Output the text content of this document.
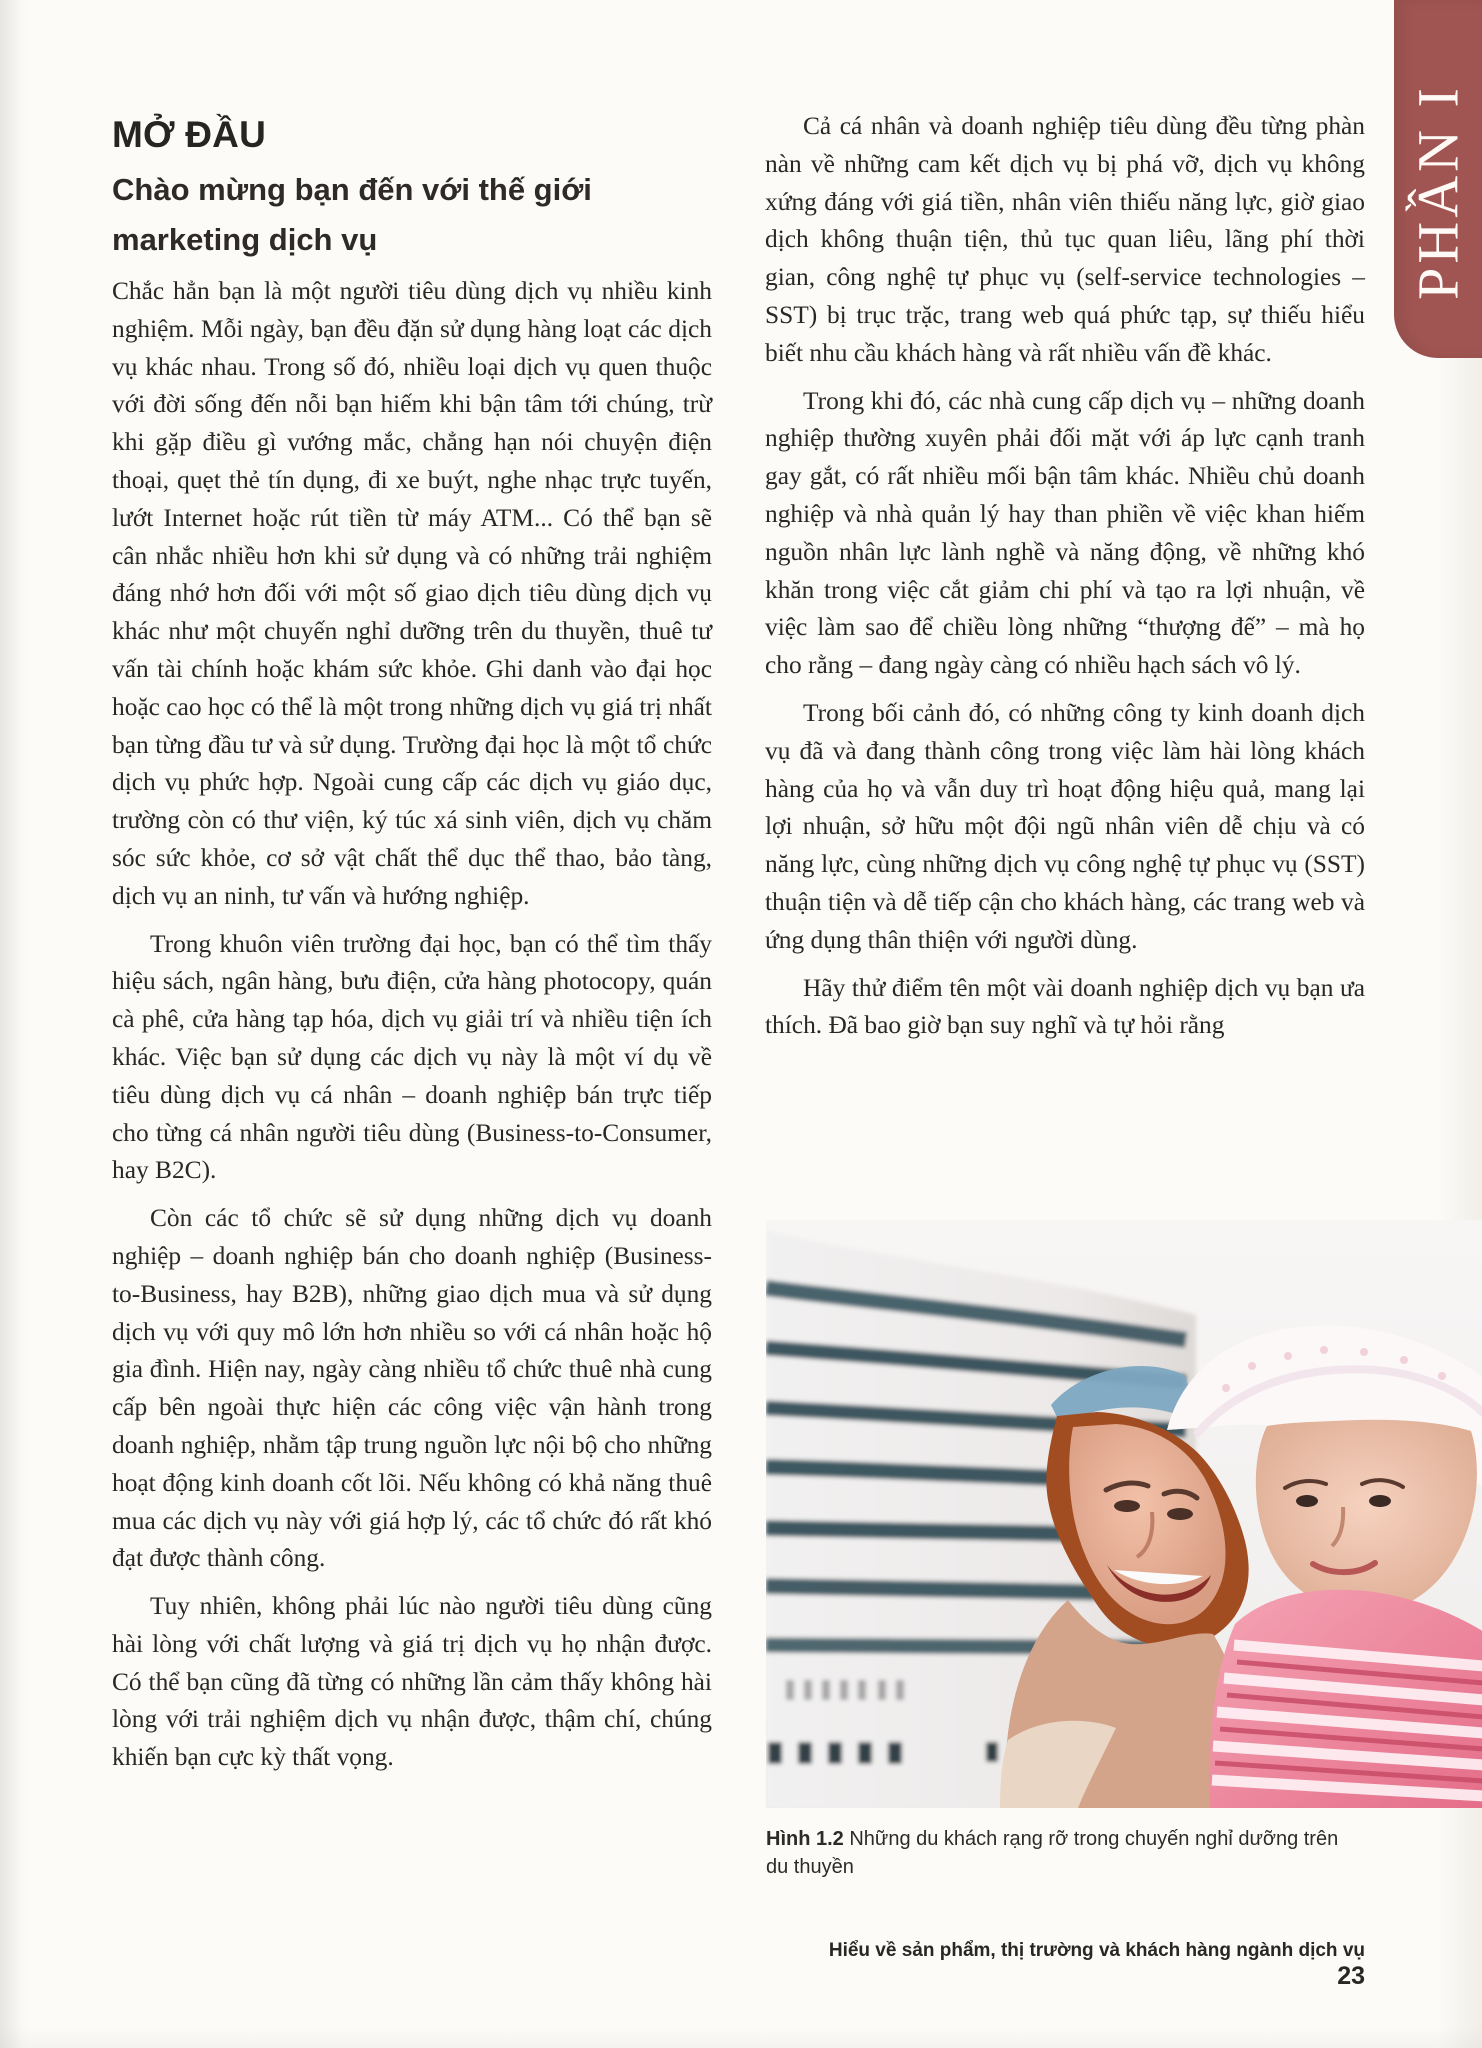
PHẦN I
MỞ ĐẦU
Chào mừng bạn đến với thế giới marketing dịch vụ

Chắc hẳn bạn là một người tiêu dùng dịch vụ nhiều kinh nghiệm. Mỗi ngày, bạn đều đặn sử dụng hàng loạt các dịch vụ khác nhau. Trong số đó, nhiều loại dịch vụ quen thuộc với đời sống đến nỗi bạn hiếm khi bận tâm tới chúng, trừ khi gặp điều gì vướng mắc, chẳng hạn nói chuyện điện thoại, quẹt thẻ tín dụng, đi xe buýt, nghe nhạc trực tuyến, lướt Internet hoặc rút tiền từ máy ATM... Có thể bạn sẽ cân nhắc nhiều hơn khi sử dụng và có những trải nghiệm đáng nhớ hơn đối với một số giao dịch tiêu dùng dịch vụ khác như một chuyến nghỉ dưỡng trên du thuyền, thuê tư vấn tài chính hoặc khám sức khỏe. Ghi danh vào đại học hoặc cao học có thể là một trong những dịch vụ giá trị nhất bạn từng đầu tư và sử dụng. Trường đại học là một tổ chức dịch vụ phức hợp. Ngoài cung cấp các dịch vụ giáo dục, trường còn có thư viện, ký túc xá sinh viên, dịch vụ chăm sóc sức khỏe, cơ sở vật chất thể dục thể thao, bảo tàng, dịch vụ an ninh, tư vấn và hướng nghiệp.

Trong khuôn viên trường đại học, bạn có thể tìm thấy hiệu sách, ngân hàng, bưu điện, cửa hàng photocopy, quán cà phê, cửa hàng tạp hóa, dịch vụ giải trí và nhiều tiện ích khác. Việc bạn sử dụng các dịch vụ này là một ví dụ về tiêu dùng dịch vụ cá nhân – doanh nghiệp bán trực tiếp cho từng cá nhân người tiêu dùng (Business-to-Consumer, hay B2C).

Còn các tổ chức sẽ sử dụng những dịch vụ doanh nghiệp – doanh nghiệp bán cho doanh nghiệp (Business-to-Business, hay B2B), những giao dịch mua và sử dụng dịch vụ với quy mô lớn hơn nhiều so với cá nhân hoặc hộ gia đình. Hiện nay, ngày càng nhiều tổ chức thuê nhà cung cấp bên ngoài thực hiện các công việc vận hành trong doanh nghiệp, nhằm tập trung nguồn lực nội bộ cho những hoạt động kinh doanh cốt lõi. Nếu không có khả năng thuê mua các dịch vụ này với giá hợp lý, các tổ chức đó rất khó đạt được thành công.

Tuy nhiên, không phải lúc nào người tiêu dùng cũng hài lòng với chất lượng và giá trị dịch vụ họ nhận được. Có thể bạn cũng đã từng có những lần cảm thấy không hài lòng với trải nghiệm dịch vụ nhận được, thậm chí, chúng khiến bạn cực kỳ thất vọng.

Cả cá nhân và doanh nghiệp tiêu dùng đều từng phàn nàn về những cam kết dịch vụ bị phá vỡ, dịch vụ không xứng đáng với giá tiền, nhân viên thiếu năng lực, giờ giao dịch không thuận tiện, thủ tục quan liêu, lãng phí thời gian, công nghệ tự phục vụ (self-service technologies – SST) bị trục trặc, trang web quá phức tạp, sự thiếu hiểu biết nhu cầu khách hàng và rất nhiều vấn đề khác.

Trong khi đó, các nhà cung cấp dịch vụ – những doanh nghiệp thường xuyên phải đối mặt với áp lực cạnh tranh gay gắt, có rất nhiều mối bận tâm khác. Nhiều chủ doanh nghiệp và nhà quản lý hay than phiền về việc khan hiếm nguồn nhân lực lành nghề và năng động, về những khó khăn trong việc cắt giảm chi phí và tạo ra lợi nhuận, về việc làm sao để chiều lòng những “thượng đế” – mà họ cho rằng – đang ngày càng có nhiều hạch sách vô lý.

Trong bối cảnh đó, có những công ty kinh doanh dịch vụ đã và đang thành công trong việc làm hài lòng khách hàng của họ và vẫn duy trì hoạt động hiệu quả, mang lại lợi nhuận, sở hữu một đội ngũ nhân viên dễ chịu và có năng lực, cùng những dịch vụ công nghệ tự phục vụ (SST) thuận tiện và dễ tiếp cận cho khách hàng, các trang web và ứng dụng thân thiện với người dùng.

Hãy thử điểm tên một vài doanh nghiệp dịch vụ bạn ưa thích. Đã bao giờ bạn suy nghĩ và tự hỏi rằng

Hình 1.2 Những du khách rạng rỡ trong chuyến nghỉ dưỡng trên du thuyền
Hiểu về sản phẩm, thị trường và khách hàng ngành dịch vụ 23
